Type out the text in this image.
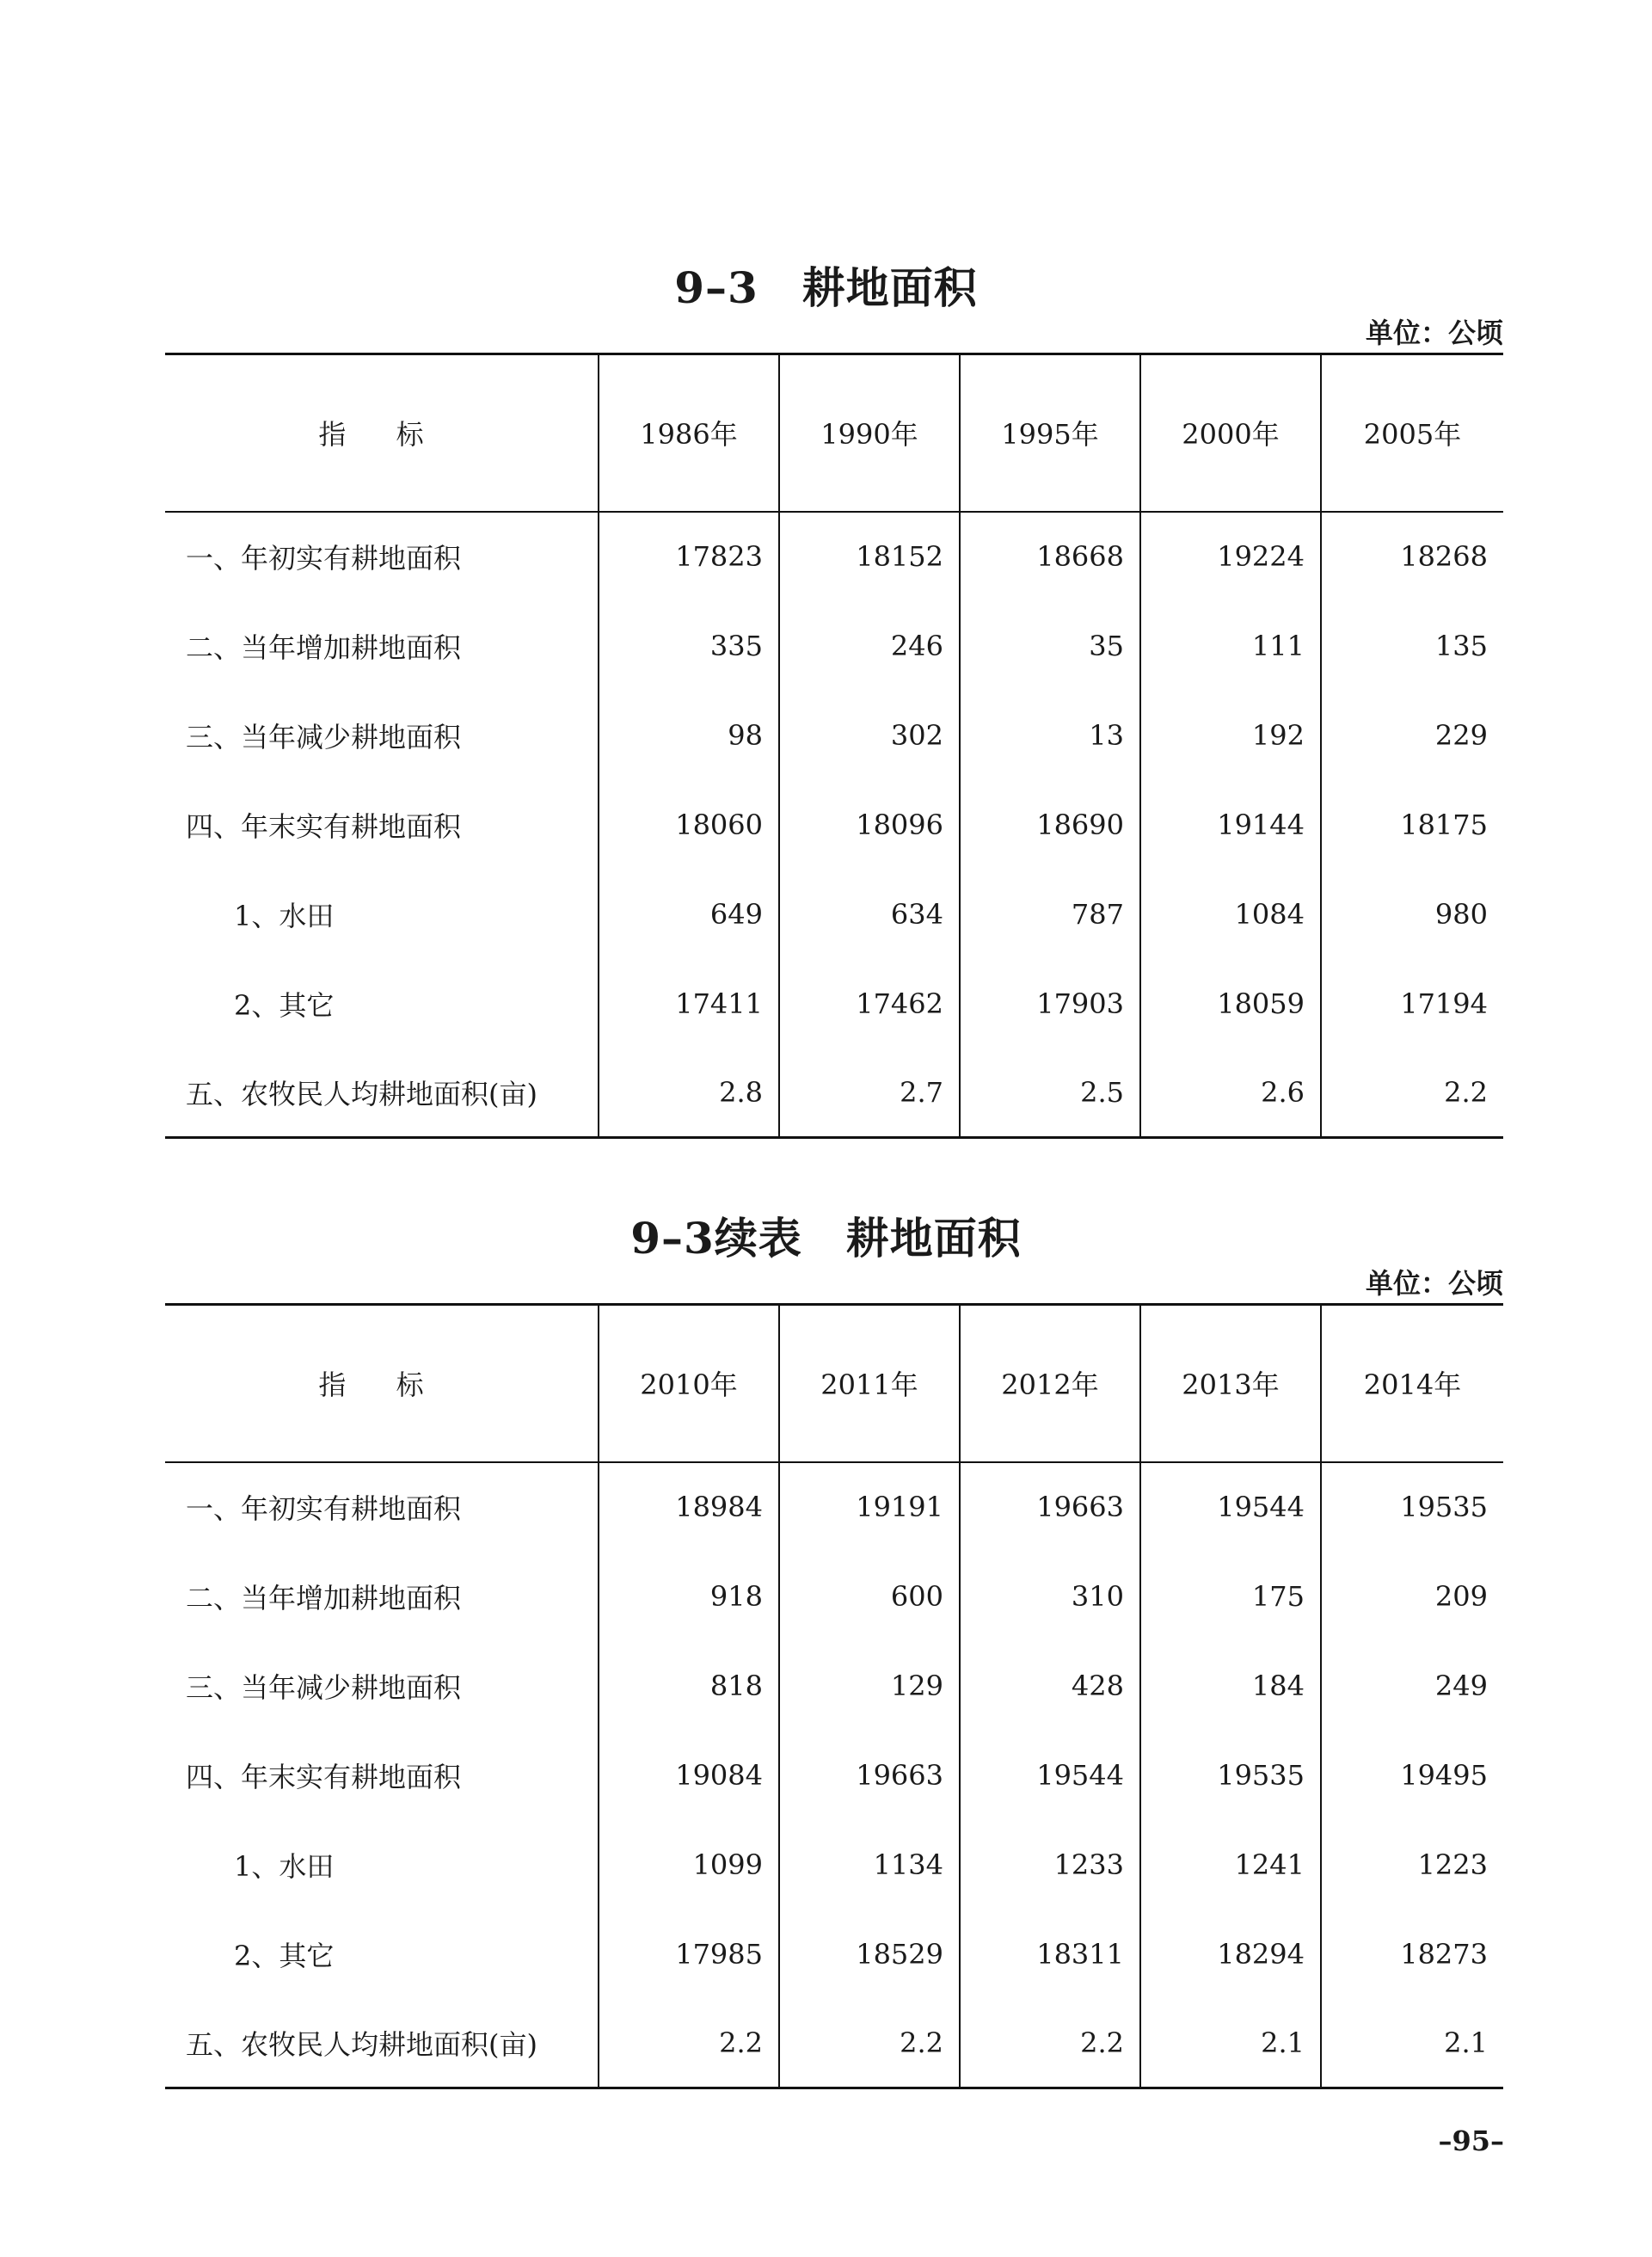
9–3　耕地面积
单位：公顷
指 标	1986年	1990年	1995年	2000年	2005年
一、年初实有耕地面积	17823	18152	18668	19224	18268
二、当年增加耕地面积	335	246	35	111	135
三、当年减少耕地面积	98	302	13	192	229
四、年末实有耕地面积	18060	18096	18690	19144	18175
1、水田	649	634	787	1084	980
2、其它	17411	17462	17903	18059	17194
五、农牧民人均耕地面积(亩)	2.8	2.7	2.5	2.6	2.2
9–3续表　耕地面积
单位：公顷
指 标	2010年	2011年	2012年	2013年	2014年
一、年初实有耕地面积	18984	19191	19663	19544	19535
二、当年增加耕地面积	918	600	310	175	209
三、当年减少耕地面积	818	129	428	184	249
四、年末实有耕地面积	19084	19663	19544	19535	19495
1、水田	1099	1134	1233	1241	1223
2、其它	17985	18529	18311	18294	18273
五、农牧民人均耕地面积(亩)	2.2	2.2	2.2	2.1	2.1
–95–
